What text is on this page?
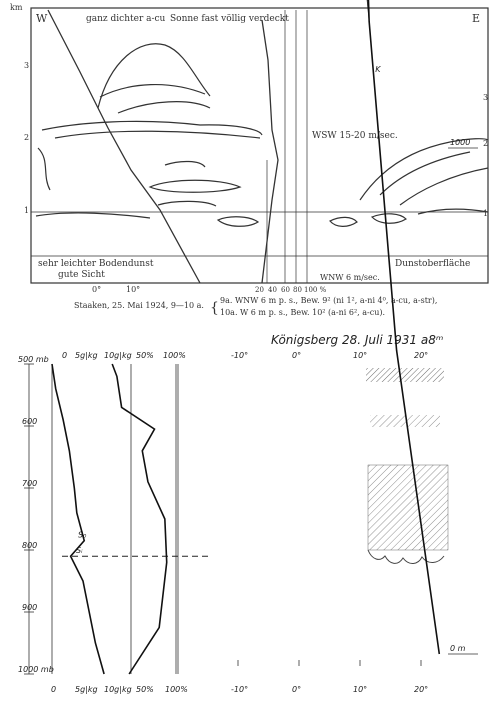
km
W	E
1
2
3
1
2
3
ganz dichter a-cu Sonne fast völlig verdeckt
WSW 15-20 m/sec.
sehr leichter Bodendunst
gute Sicht
Dunstoberfläche
WNW 6 m/sec.
0°	10°	20 40 60 80 100 %
Staaken, 25. Mai 1924, 9—10 a. { 9a. WNW 6 m p. s., Bew. 9² (ni 1², a-ni 4⁰, a-cu, a-str),
10a. W 6 m p. s., Bew. 10² (a-ni 6², a-cu).
Königsberg 28. Juli 1931 a8ᵐ
0 5g|kg 10g|kg 50% 100%
0 5g|kg 10g|kg 50% 100%
500 mb
600
700
800
900
1000 mb
S₀
Sᵢ
-10°	0°	10°	20°
-10°	0°	10°	20°
0 m
1000
K
